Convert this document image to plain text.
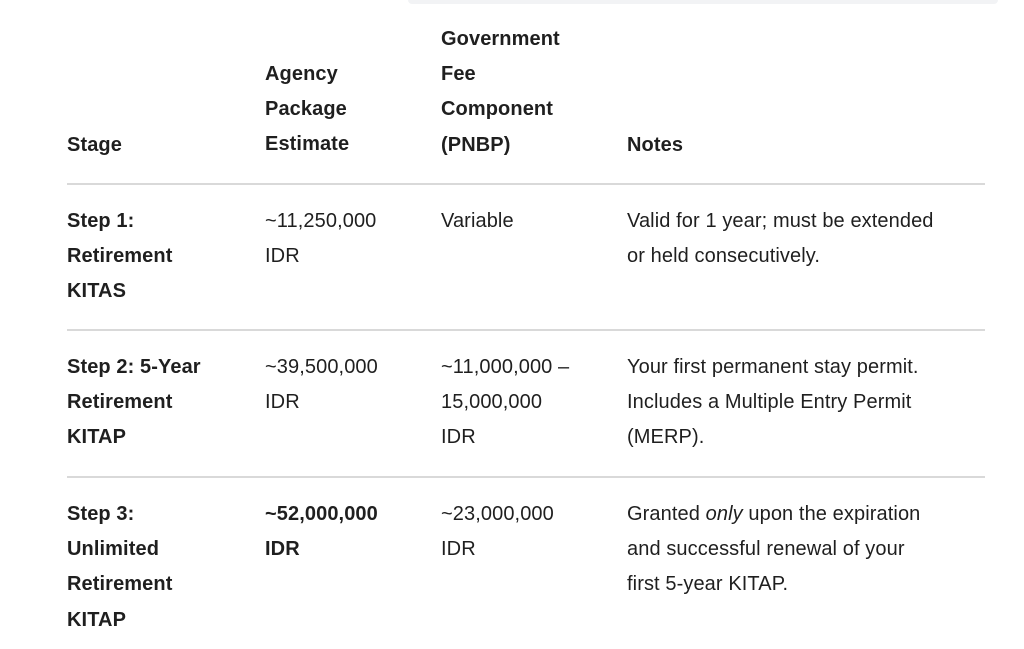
Stage
Agency
Package
Estimate
Government
Fee
Component
(PNBP)	Notes
Step 1:
Retirement
KITAS
~11,250,000
IDR
Variable	Valid for 1 year; must be extended
or held consecutively.
Step 2: 5-Year
Retirement
KITAP
~39,500,000
IDR
~11,000,000 –
15,000,000
IDR
Your first permanent stay permit.
Includes a Multiple Entry Permit
(MERP).
Step 3:
Unlimited
Retirement
KITAP
~52,000,000
IDR
~23,000,000
IDR
Granted only upon the expiration
and successful renewal of your
first 5-year KITAP.
